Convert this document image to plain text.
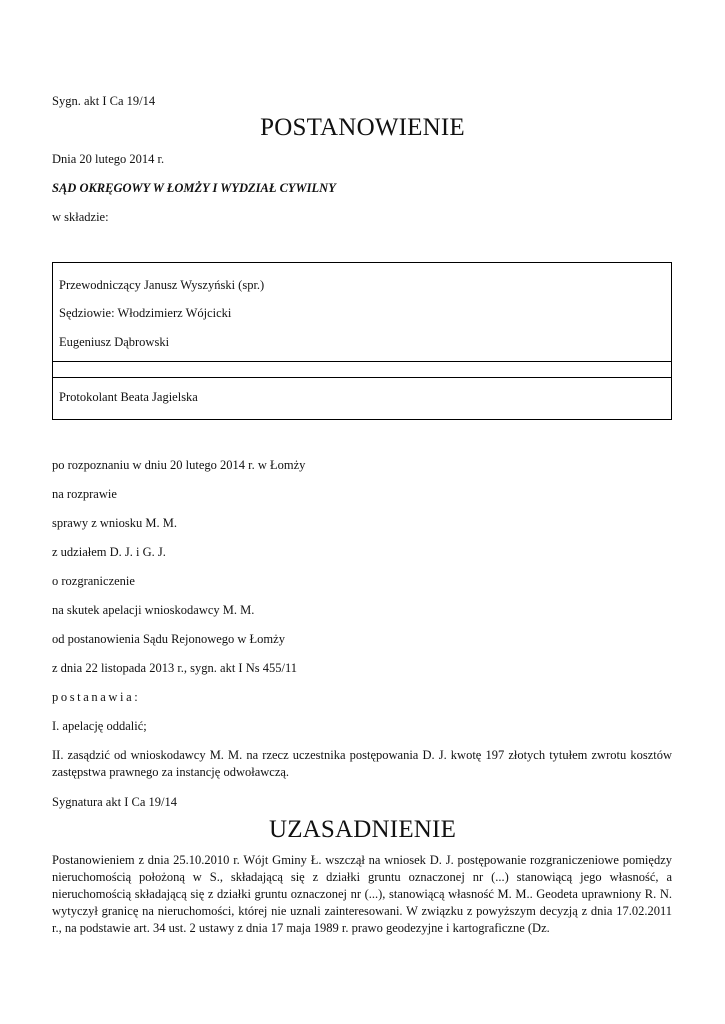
Sygn. akt I Ca 19/14
POSTANOWIENIE
Dnia 20 lutego 2014 r.
SĄD OKRĘGOWY W ŁOMŻY I WYDZIAŁ CYWILNY
w składzie:
Przewodniczący Janusz Wyszyński (spr.)
Sędziowie: Włodzimierz Wójcicki
Eugeniusz Dąbrowski
Protokolant Beata Jagielska
po rozpoznaniu w dniu 20 lutego 2014 r. w Łomży
na rozprawie
sprawy z wniosku M. M.
z udziałem D. J. i G. J.
o rozgraniczenie
na skutek apelacji wnioskodawcy M. M.
od postanowienia Sądu Rejonowego w Łomży
z dnia 22 listopada 2013 r., sygn. akt I Ns 455/11
postanawia:
I. apelację oddalić;
II. zasądzić od wnioskodawcy M. M. na rzecz uczestnika postępowania D. J. kwotę 197 złotych tytułem zwrotu kosztów zastępstwa prawnego za instancję odwoławczą.
Sygnatura akt I Ca 19/14
UZASADNIENIE
Postanowieniem z dnia 25.10.2010 r. Wójt Gminy Ł. wszczął na wniosek D. J. postępowanie rozgraniczeniowe pomiędzy nieruchomością położoną w S., składającą się z działki gruntu oznaczonej nr (...) stanowiącą jego własność, a nieruchomością składającą się z działki gruntu oznaczonej nr (...), stanowiącą własność M. M.. Geodeta uprawniony R. N. wytyczył granicę na nieruchomości, której nie uznali zainteresowani. W związku z powyższym decyzją z dnia 17.02.2011 r., na podstawie art. 34 ust. 2 ustawy z dnia 17 maja 1989 r. prawo geodezyjne i kartograficzne (Dz.
